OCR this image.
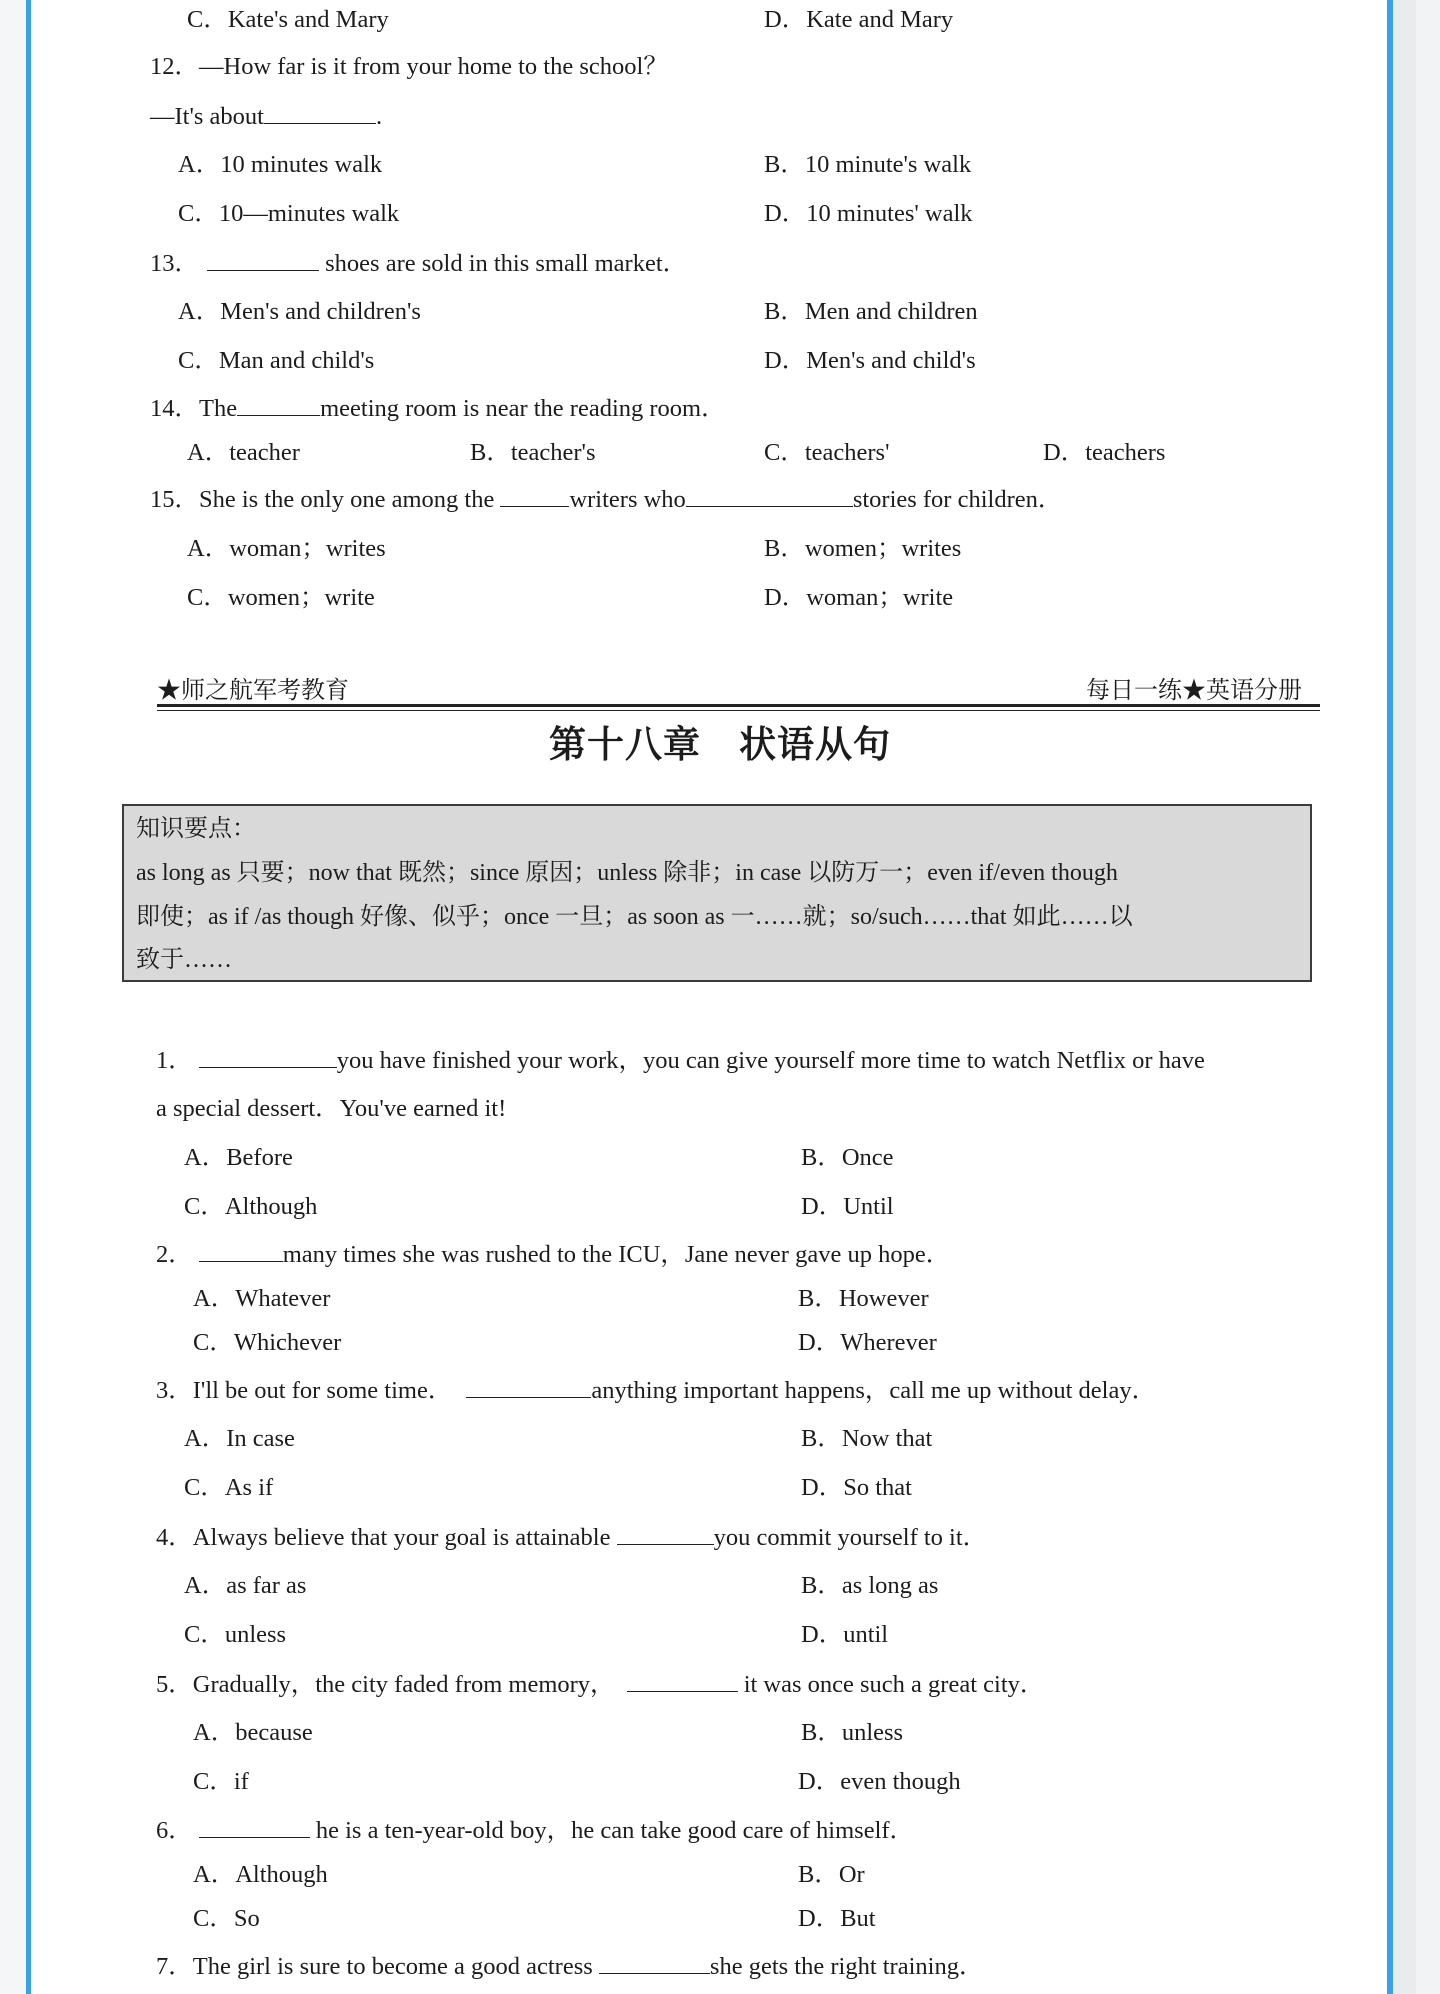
C．Kate's and Mary	D．Kate and Mary
12．—How far is it from your home to the school？
—It's about	.
A．10 minutes walk	B．10 minute's walk
C．10—minutes walk	D．10 minutes' walk
13．	shoes are sold in this small market．
A．Men's and children's	B．Men and children
C．Man and child's	D．Men's and child's
14．The	meeting room is near the reading room．
A．teacher	B．teacher's	C．teachers'	D．teachers
15．She is the only one among the	writers who	stories for children．
A．woman；writes	B．women；writes
C．women；write	D．woman；write
★师之航军考教育	每日一练★英语分册
第十八章　状语从句
知识要点：
as long as 只要；now that 既然；since 原因；unless 除非；in case 以防万一；even if/even though
即使；as if /as though 好像、似乎；once 一旦；as soon as 一……就；so/such……that 如此……以
致于……
1．	you have finished your work，you can give yourself more time to watch Netflix or have
a special dessert．You've earned it!
A．Before	B．Once
C．Although	D．Until
2．	many times she was rushed to the ICU，Jane never gave up hope．
A．Whatever	B．However
C．Whichever	D．Wherever
3．I'll be out for some time．	anything important happens，call me up without delay．
A．In case	B．Now that
C．As if	D．So that
4．Always believe that your goal is attainable	you commit yourself to it．
A．as far as	B．as long as
C．unless	D．until
5．Gradually，the city faded from memory，	it was once such a great city．
A．because	B．unless
C．if	D．even though
6．	he is a ten-year-old boy，he can take good care of himself．
A．Although	B．Or
C．So	D．But
7．The girl is sure to become a good actress	she gets the right training．
